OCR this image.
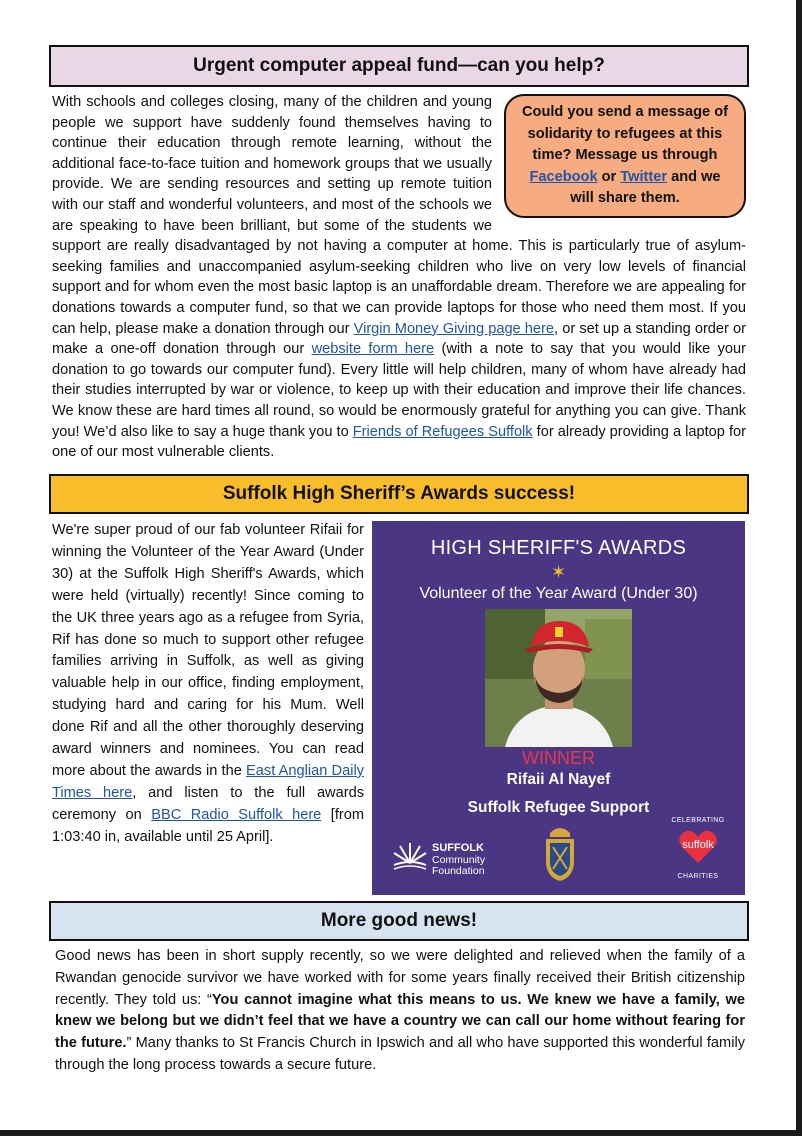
Urgent computer appeal fund—can you help?
Could you send a message of solidarity to refugees at this time? Message us through Facebook or Twitter and we will share them.
With schools and colleges closing, many of the children and young people we support have suddenly found themselves having to continue their education through remote learning, without the additional face-to-face tuition and homework groups that we usually provide. We are sending resources and setting up remote tuition with our staff and wonderful volunteers, and most of the schools we are speaking to have been brilliant, but some of the students we support are really disadvantaged by not having a computer at home. This is particularly true of asylum-seeking families and unaccompanied asylum-seeking children who live on very low levels of financial support and for whom even the most basic laptop is an unaffordable dream. Therefore we are appealing for donations towards a computer fund, so that we can provide laptops for those who need them most. If you can help, please make a donation through our Virgin Money Giving page here, or set up a standing order or make a one-off donation through our website form here (with a note to say that you would like your donation to go towards our computer fund). Every little will help children, many of whom have already had their studies interrupted by war or violence, to keep up with their education and improve their life chances. We know these are hard times all round, so would be enormously grateful for anything you can give. Thank you! We’d also like to say a huge thank you to Friends of Refugees Suffolk for already providing a laptop for one of our most vulnerable clients.
Suffolk High Sheriff’s Awards success!
We're super proud of our fab volunteer Rifaii for winning the Volunteer of the Year Award (Under 30) at the Suffolk High Sheriff's Awards, which were held (virtually) recently! Since coming to the UK three years ago as a refugee from Syria, Rif has done so much to support other refugee families arriving in Suffolk, as well as giving valuable help in our office, finding employment, studying hard and caring for his Mum. Well done Rif and all the other thoroughly deserving award winners and nominees. You can read more about the awards in the East Anglian Daily Times here, and listen to the full awards ceremony on BBC Radio Suffolk here [from 1:03:40 in, available until 25 April].
HIGH SHERIFF'S AWARDS
✶
Volunteer of the Year Award (Under 30)
WINNER
Rifaii Al Nayef
Suffolk Refugee Support
SUFFOLK
Community
Foundation
CELEBRATING
suffolk
CHARITIES
More good news!
Good news has been in short supply recently, so we were delighted and relieved when the family of a Rwandan genocide survivor we have worked with for some years finally received their British citizenship recently. They told us: “You cannot imagine what this means to us. We knew we have a family, we knew we belong but we didn’t feel that we have a country we can call our home without fearing for the future.” Many thanks to St Francis Church in Ipswich and all who have supported this wonderful family through the long process towards a secure future.
